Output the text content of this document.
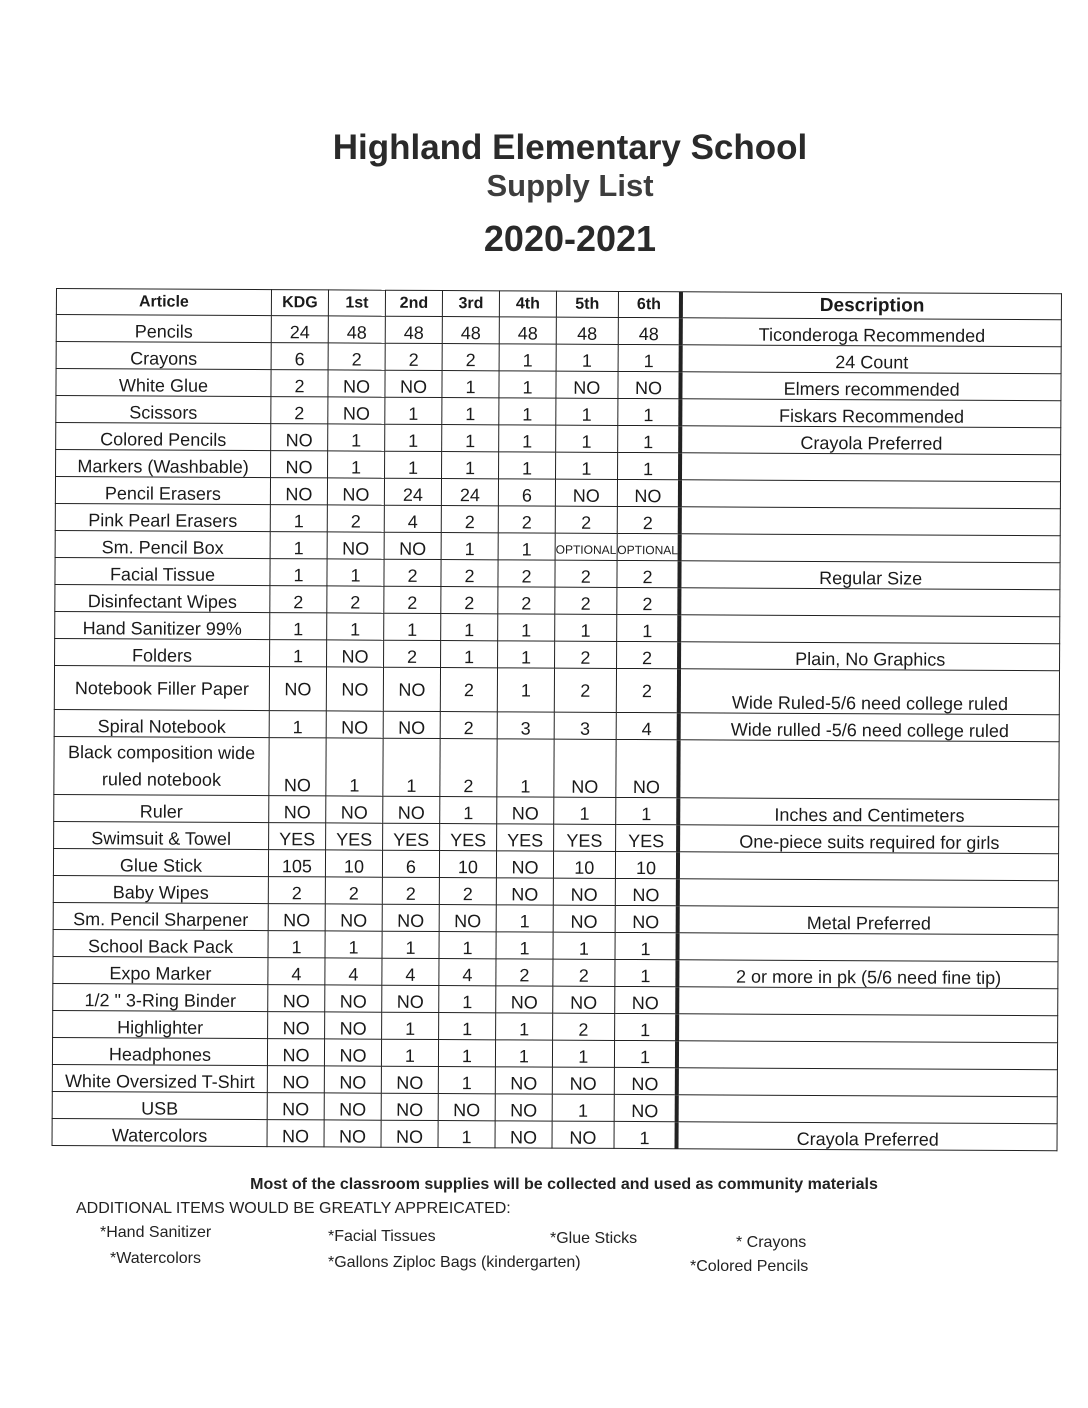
Highland Elementary School
Supply List
2020-2021
Article	KDG	1st	2nd	3rd	4th	5th	6th	Description
Pencils	24	48	48	48	48	48	48	Ticonderoga Recommended
Crayons	6	2	2	2	1	1	1	24 Count
White Glue	2	NO	NO	1	1	NO	NO	Elmers recommended
Scissors	2	NO	1	1	1	1	1	Fiskars Recommended
Colored Pencils	NO	1	1	1	1	1	1	Crayola Preferred
Markers (Washbable)	NO	1	1	1	1	1	1	
Pencil Erasers	NO	NO	24	24	6	NO	NO	
Pink Pearl Erasers	1	2	4	2	2	2	2	
Sm. Pencil Box	1	NO	NO	1	1	OPTIONAL	OPTIONAL	
Facial Tissue	1	1	2	2	2	2	2	Regular Size
Disinfectant Wipes	2	2	2	2	2	2	2	
Hand Sanitizer 99%	1	1	1	1	1	1	1	
Folders	1	NO	2	1	1	2	2	Plain, No Graphics
Notebook Filler Paper	NO	NO	NO	2	1	2	2	Wide Ruled-5/6 need college ruled
Spiral Notebook	1	NO	NO	2	3	3	4	Wide rulled -5/6 need college ruled

Black composition wide
ruled notebook	NO	1	1	2	1	NO	NO	
Ruler	NO	NO	NO	1	NO	1	1	Inches and Centimeters
Swimsuit & Towel	YES	YES	YES	YES	YES	YES	YES	One-piece suits required for girls
Glue Stick	105	10	6	10	NO	10	10	
Baby Wipes	2	2	2	2	NO	NO	NO	
Sm. Pencil Sharpener	NO	NO	NO	NO	1	NO	NO	Metal Preferred
School Back Pack	1	1	1	1	1	1	1	
Expo Marker	4	4	4	4	2	2	1	2 or more in pk (5/6 need fine tip)
1/2 " 3-Ring Binder	NO	NO	NO	1	NO	NO	NO	
Highlighter	NO	NO	1	1	1	2	1	
Headphones	NO	NO	1	1	1	1	1	
White Oversized T-Shirt	NO	NO	NO	1	NO	NO	NO	
USB	NO	NO	NO	NO	NO	1	NO	
Watercolors	NO	NO	NO	1	NO	NO	1	Crayola Preferred
Most of the classroom supplies will be collected and used as community materials
ADDITIONAL ITEMS WOULD BE GREATLY APPREICATED:
*Hand Sanitizer	*Facial Tissues	*Glue Sticks	* Crayons
*Watercolors	*Gallons Ziploc Bags (kindergarten)	*Colored Pencils
